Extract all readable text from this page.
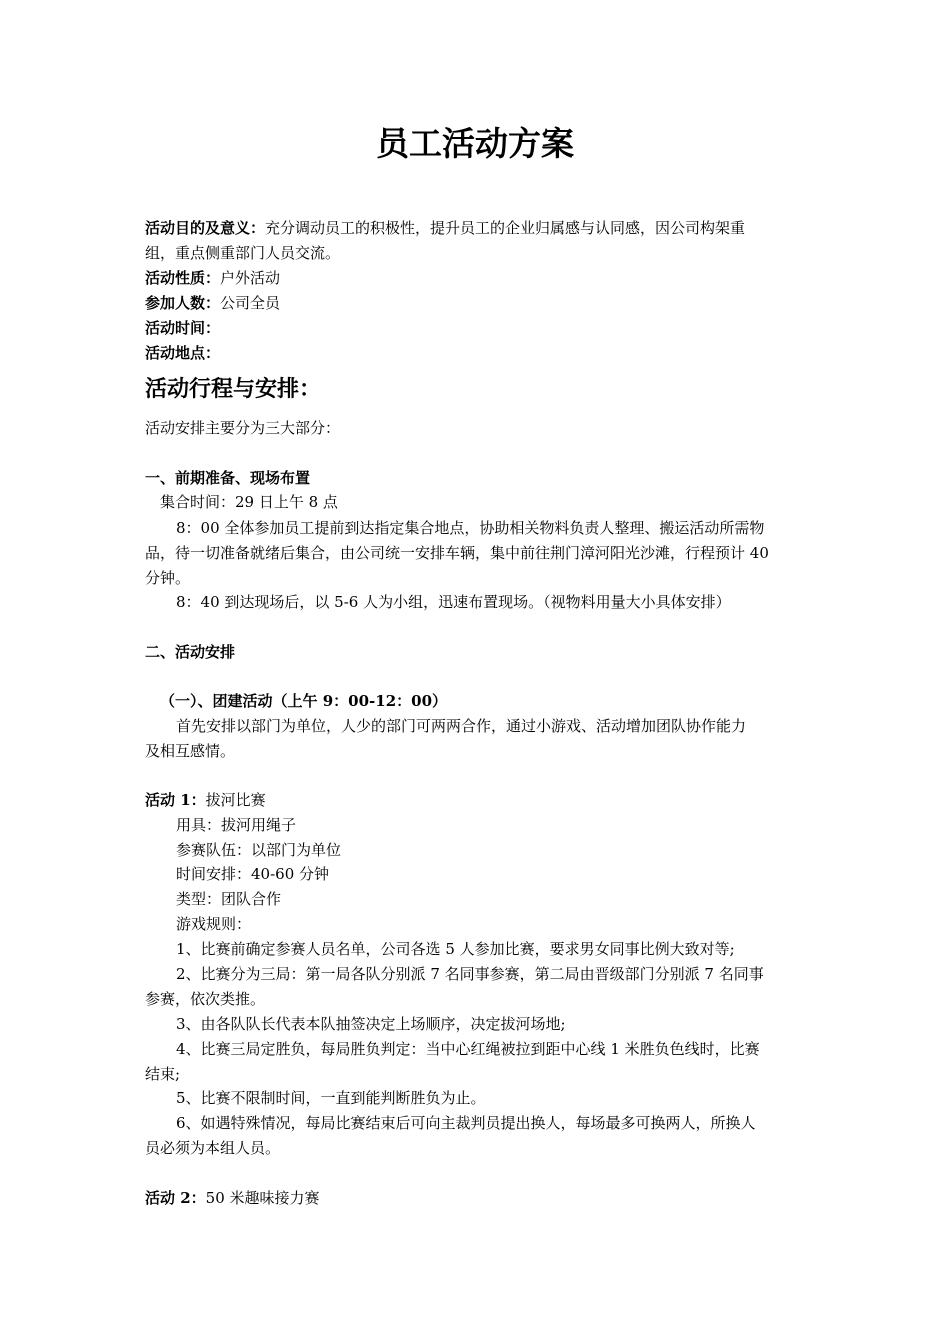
员工活动方案
活动目的及意义：充分调动员工的积极性，提升员工的企业归属感与认同感，因公司构架重
组，重点侧重部门人员交流。
活动性质：户外活动
参加人数：公司全员
活动时间：
活动地点：
活动行程与安排：
活动安排主要分为三大部分：
一、前期准备、现场布置
集合时间：29 日上午 8 点
8：00 全体参加员工提前到达指定集合地点，协助相关物料负责人整理、搬运活动所需物
品，待一切准备就绪后集合，由公司统一安排车辆，集中前往荆门漳河阳光沙滩，行程预计 40
分钟。
8：40 到达现场后，以 5-6 人为小组，迅速布置现场。（视物料用量大小具体安排）
二、活动安排
（一）、团建活动（上午 9：00-12：00）
首先安排以部门为单位，人少的部门可两两合作，通过小游戏、活动增加团队协作能力
及相互感情。
活动 1：拔河比赛
用具：拔河用绳子
参赛队伍：以部门为单位
时间安排：40-60 分钟
类型：团队合作
游戏规则：
1、比赛前确定参赛人员名单，公司各选 5 人参加比赛，要求男女同事比例大致对等;
2、比赛分为三局：第一局各队分别派 7 名同事参赛，第二局由晋级部门分别派 7 名同事
参赛，依次类推。
3、由各队队长代表本队抽签决定上场顺序，决定拔河场地;
4、比赛三局定胜负，每局胜负判定：当中心红绳被拉到距中心线 1 米胜负色线时，比赛
结束;
5、比赛不限制时间，一直到能判断胜负为止。
6、如遇特殊情况，每局比赛结束后可向主裁判员提出换人，每场最多可换两人，所换人
员必须为本组人员。
活动 2：50 米趣味接力赛
